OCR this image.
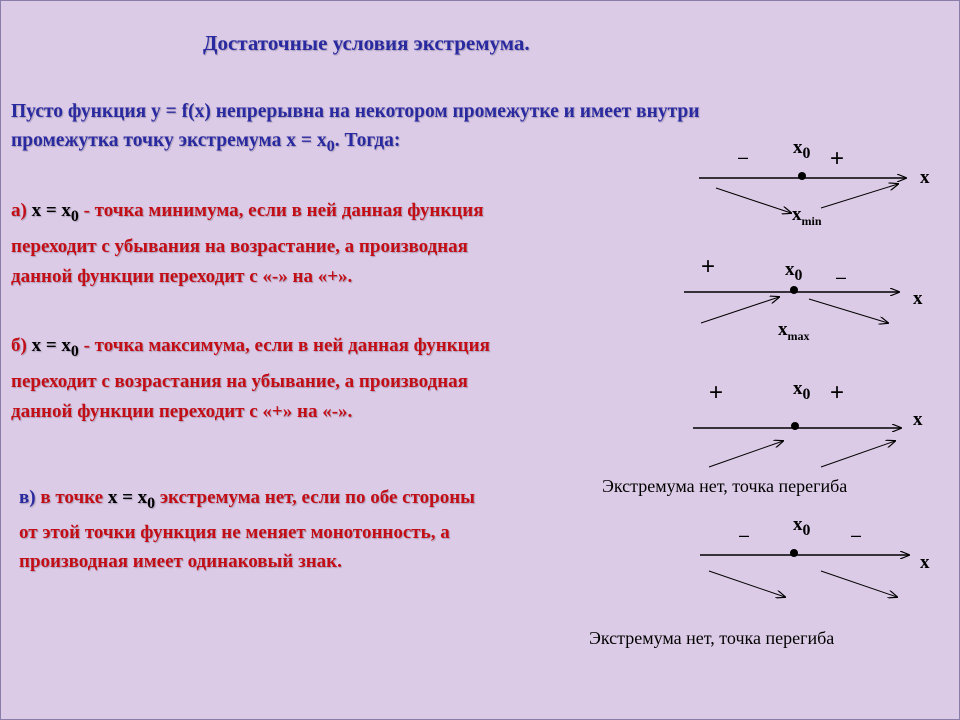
Достаточные условия экстремума.
Пусто функция у = f(х) непрерывна на некотором промежутке и имеет внутри
промежутка точку экстремума $х = х_0$. Тогда:
а) $х = х_0$ - точка минимума, если в ней данная функция
переходит с убывания на возрастание, а производная
данной функции переходит с «-» на «+».
б) $х = х_0$ - точка максимума, если в ней данная функция
переходит с возрастания на убывание, а производная
данной функции переходит с «+» на «-».
в) в точке $х = х_0$ экстремума нет, если по обе стороны
от этой точки функция не меняет монотонность, а
производная имеет одинаковый знак.
– $x_0$ +
x
$x_{min}$
+	$x_0$ –
x
$x_{max}$
+	$x_0$ +
x
Экстремума нет, точка перегиба
– $x_0$ –
x
Экстремума нет, точка перегиба
